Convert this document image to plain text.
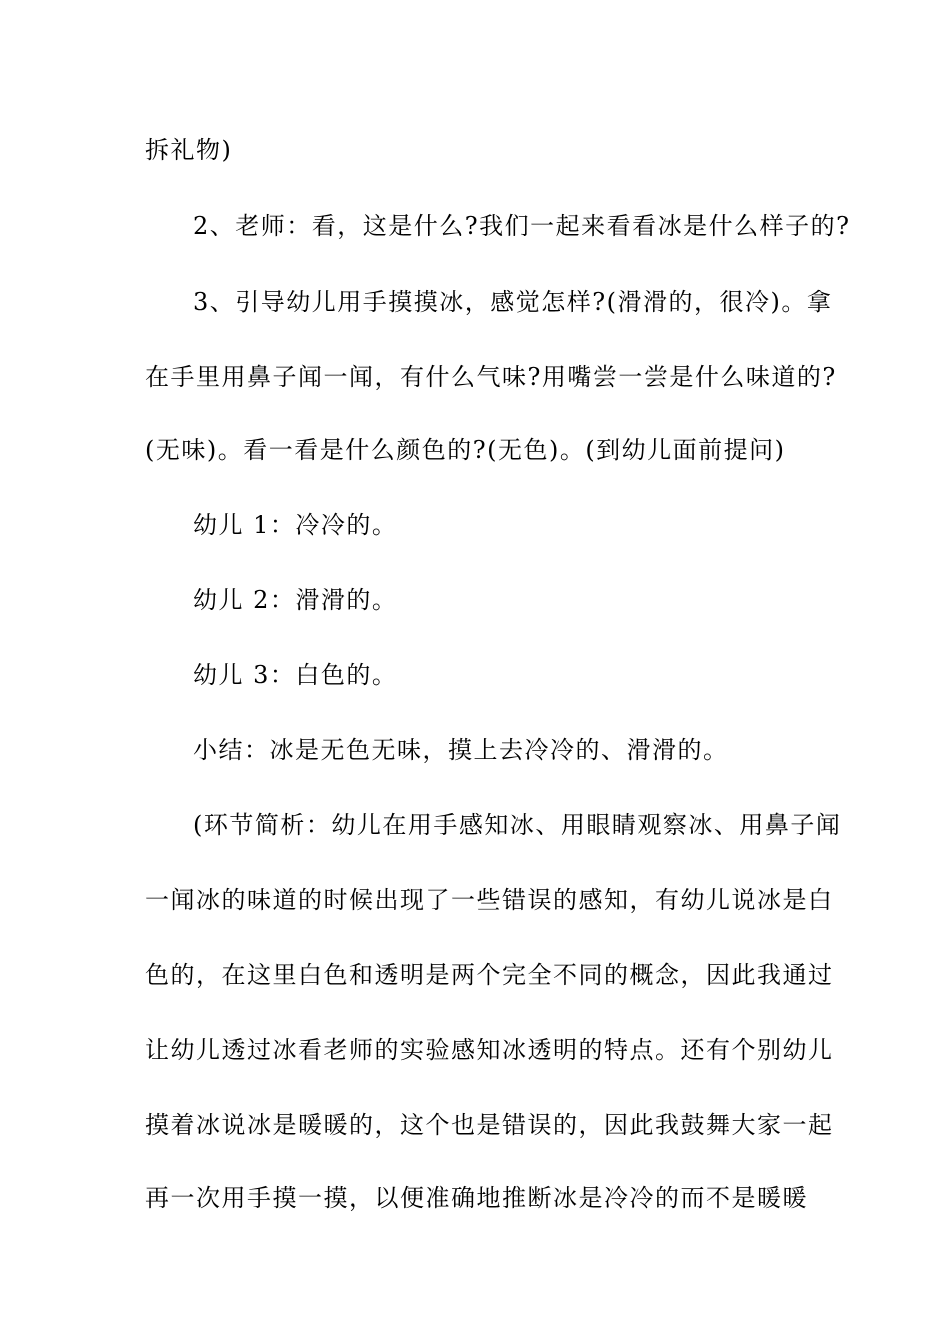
拆礼物)
2、老师：看，这是什么?我们一起来看看冰是什么样子的?
3、引导幼儿用手摸摸冰，感觉怎样?(滑滑的，很冷)。拿
在手里用鼻子闻一闻，有什么气味?用嘴尝一尝是什么味道的?
(无味)。看一看是什么颜色的?(无色)。(到幼儿面前提问)
幼儿 1：冷冷的。
幼儿 2：滑滑的。
幼儿 3：白色的。
小结：冰是无色无味，摸上去冷冷的、滑滑的。
(环节简析：幼儿在用手感知冰、用眼睛观察冰、用鼻子闻
一闻冰的味道的时候出现了一些错误的感知，有幼儿说冰是白
色的，在这里白色和透明是两个完全不同的概念，因此我通过
让幼儿透过冰看老师的实验感知冰透明的特点。还有个别幼儿
摸着冰说冰是暖暖的，这个也是错误的，因此我鼓舞大家一起
再一次用手摸一摸，以便准确地推断冰是冷冷的而不是暖暖
